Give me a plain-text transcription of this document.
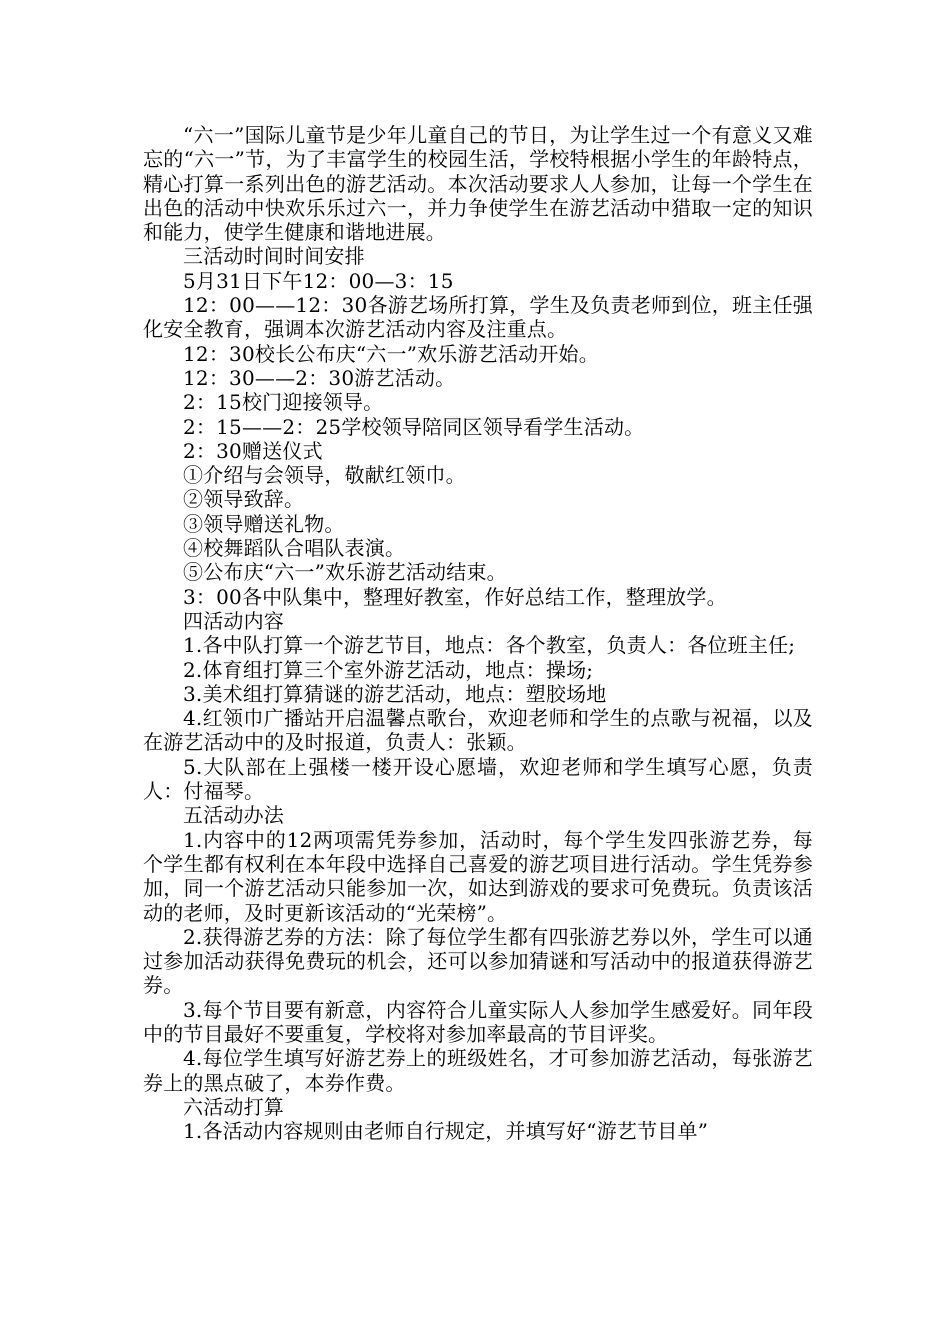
“六一”国际儿童节是少年儿童自己的节日，为让学生过一个有意义又难忘的“六一”节，为了丰富学生的校园生活，学校特根据小学生的年龄特点，精心打算一系列出色的游艺活动。本次活动要求人人参加，让每一个学生在出色的活动中快欢乐乐过六一，并力争使学生在游艺活动中猎取一定的知识和能力，使学生健康和谐地进展。

三活动时间时间安排

5月31日下午12：00—3：15

12：00——12：30各游艺场所打算，学生及负责老师到位，班主任强化安全教育，强调本次游艺活动内容及注重点。

12：30校长公布庆“六一”欢乐游艺活动开始。

12：30——2：30游艺活动。

2：15校门迎接领导。

2：15——2：25学校领导陪同区领导看学生活动。

2：30赠送仪式

①介绍与会领导，敬献红领巾。

②领导致辞。

③领导赠送礼物。

④校舞蹈队合唱队表演。

⑤公布庆“六一”欢乐游艺活动结束。

3：00各中队集中，整理好教室，作好总结工作，整理放学。

四活动内容

1.各中队打算一个游艺节目，地点：各个教室，负责人：各位班主任;

2.体育组打算三个室外游艺活动，地点：操场;

3.美术组打算猜谜的游艺活动，地点：塑胶场地

4.红领巾广播站开启温馨点歌台，欢迎老师和学生的点歌与祝福，以及在游艺活动中的及时报道，负责人：张颖。

5.大队部在上强楼一楼开设心愿墙，欢迎老师和学生填写心愿，负责人：付福琴。

五活动办法

1.内容中的12两项需凭券参加，活动时，每个学生发四张游艺券，每个学生都有权利在本年段中选择自己喜爱的游艺项目进行活动。学生凭券参加，同一个游艺活动只能参加一次，如达到游戏的要求可免费玩。负责该活动的老师，及时更新该活动的“光荣榜”。

2.获得游艺券的方法：除了每位学生都有四张游艺券以外，学生可以通过参加活动获得免费玩的机会，还可以参加猜谜和写活动中的报道获得游艺券。

3.每个节目要有新意，内容符合儿童实际人人参加学生感爱好。同年段中的节目最好不要重复，学校将对参加率最高的节目评奖。

4.每位学生填写好游艺券上的班级姓名，才可参加游艺活动，每张游艺券上的黑点破了，本券作费。

六活动打算

1.各活动内容规则由老师自行规定，并填写好“游艺节目单”
